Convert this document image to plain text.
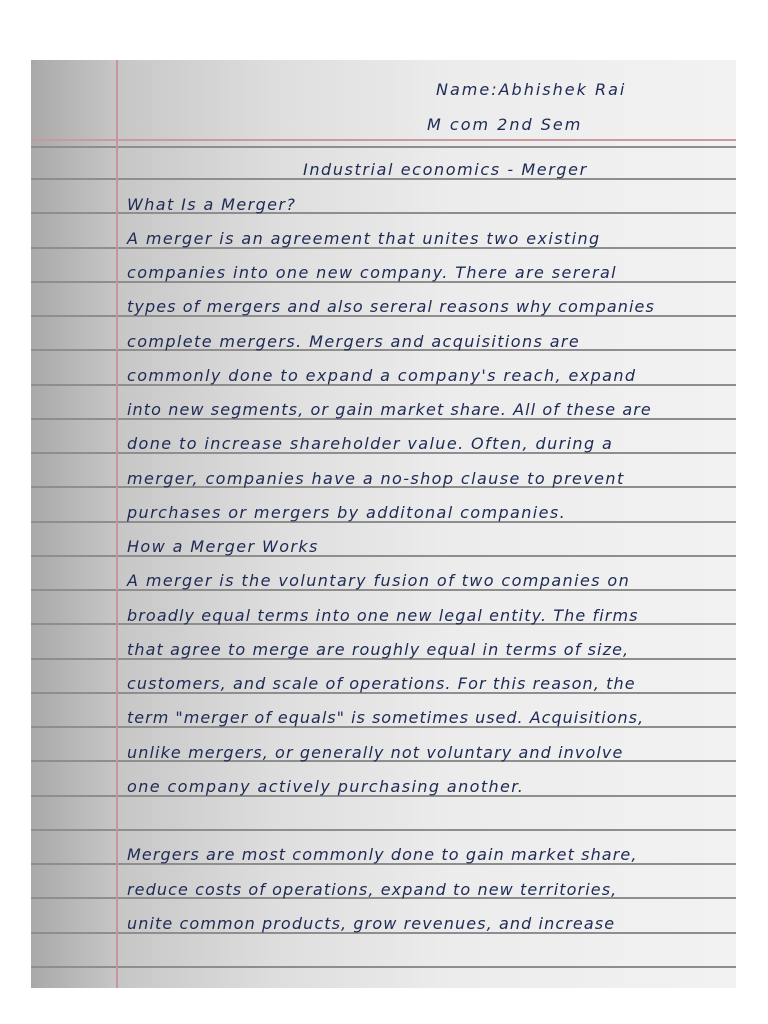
Name:Abhishek Rai
M com 2nd Sem
Industrial economics - Merger
What Is a Merger?
A merger is an agreement that unites two existing
companies into one new company. There are sereral
types of mergers and also sereral reasons why companies
complete mergers. Mergers and acquisitions are
commonly done to expand a company's reach, expand
into new segments, or gain market share. All of these are
done to increase shareholder value. Often, during a
merger, companies have a no-shop clause to prevent
purchases or mergers by additonal companies.
How a Merger Works
A merger is the voluntary fusion of two companies on
broadly equal terms into one new legal entity. The firms
that agree to merge are roughly equal in terms of size,
customers, and scale of operations. For this reason, the
term "merger of equals" is sometimes used. Acquisitions,
unlike mergers, or generally not voluntary and involve
one company actively purchasing another.
Mergers are most commonly done to gain market share,
reduce costs of operations, expand to new territories,
unite common products, grow revenues, and increase
